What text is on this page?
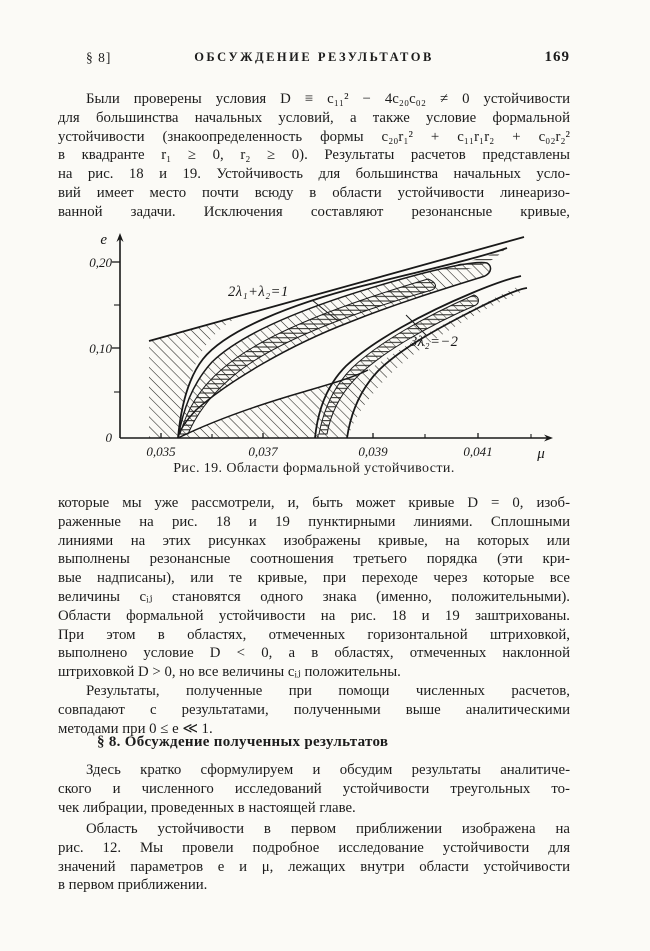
§ 8]	ОБСУЖДЕНИЕ РЕЗУЛЬТАТОВ	169
Были проверены условия D ≡ c₁₁² − 4c₂₀c₀₂ ≠ 0 устойчивости
для большинства начальных условий, а также условие формальной
устойчивости (знакоопределенность формы c₂₀r₁² + c₁₁r₁r₂ + c₀₂r₂²
в квадранте r₁ ≥ 0, r₂ ≥ 0). Результаты расчетов представлены
на рис. 18 и 19. Устойчивость для большинства начальных усло-
вий имеет место почти всюду в области устойчивости линеаризо-
ванной задачи. Исключения составляют резонансные кривые,
e
μ
0,20
0,10
0
0,035	0,037	0,039	0,041
2λ₁+λ₂=1
3λ₂=−2
Рис. 19. Области формальной устойчивости.
которые мы уже рассмотрели, и, быть может кривые D = 0, изоб-
раженные на рис. 18 и 19 пунктирными линиями. Сплошными
линиями на этих рисунках изображены кривые, на которых или
выполнены резонансные соотношения третьего порядка (эти кри-
вые надписаны), или те кривые, при переходе через которые все
величины cᵢⱼ становятся одного знака (именно, положительными).
Области формальной устойчивости на рис. 18 и 19 заштрихованы.
При этом в областях, отмеченных горизонтальной штриховкой,
выполнено условие D < 0, а в областях, отмеченных наклонной
штриховкой D > 0, но все величины cᵢⱼ положительны.
Результаты, полученные при помощи численных расчетов,
совпадают с результатами, полученными выше аналитическими
методами при 0 ≤ e ≪ 1.
§ 8. Обсуждение полученных результатов
Здесь кратко сформулируем и обсудим результаты аналитиче-
ского и численного исследований устойчивости треугольных то-
чек либрации, проведенных в настоящей главе.
Область устойчивости в первом приближении изображена на
рис. 12. Мы провели подробное исследование устойчивости для
значений параметров e и μ, лежащих внутри области устойчивости
в первом приближении.
